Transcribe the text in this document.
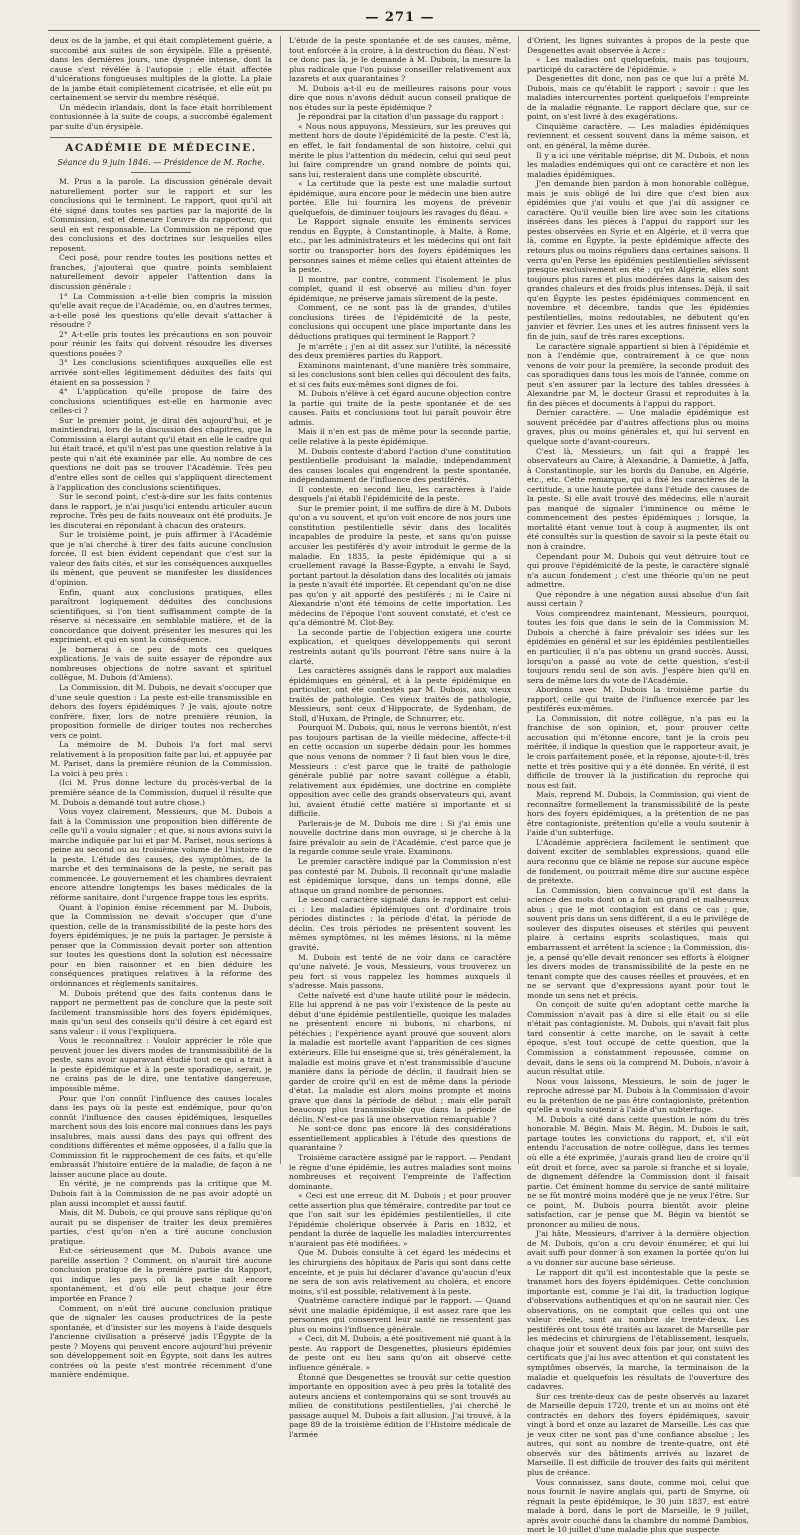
— 271 —

deux os de la jambe, et qui était complètement guérie, a succombé aux suites de son érysipèle. Elle a présenté, dans les dernières jours, une dyspnée intense, dont la cause s'est révélée à l'autopsie ; elle était affectée d'ulcérations fongueuses multiples de la glotte. La plaie de la jambe était complètement cicatrisée, et elle eût pu certainement se servir du membre réséqué.

Un médecin irlandais, dont la face était horriblement contusionnée à la suite de coups, a succombé également par suite d'un érysipèle.

ACADÉMIE DE MÉDECINE.
Séance du 9 juin 1846. — Présidence de M. Roche.

M. Prus a la parole. La discussion générale devait naturellement porter sur le rapport et sur les conclusions qui le terminent. Le rapport, quoi qu'il ait été signé dans toutes ses parties par la majorité de la Commission, est et demeure l'œuvre du rapporteur, qui seul en est responsable. La Commission ne répond que des conclusions et des doctrines sur lesquelles elles reposent.

Ceci posé, pour rendre toutes les positions nettes et franches, j'ajouterai que quatre points semblaient naturellement devoir appeler l'attention dans la discussion générale :

1° La Commission a-t-elle bien compris la mission qu'elle avait reçue de l'Académie, ou, en d'autres termes, a-t-elle posé les questions qu'elle devait s'attacher à résoudre ?

2° A-t-elle pris toutes les précautions en son pouvoir pour réunir les faits qui doivent résoudre les diverses questions posées ?

3° Les conclusions scientifiques auxquelles elle est arrivée sont-elles légitimement déduites des faits qui étaient en sa possession ?

4° L'application qu'elle propose de faire des conclusions scientifiques est-elle en harmonie avec celles-ci ?

Sur le premier point, je dirai dès aujourd'hui, et je maintiendrai, lors de la discussion des chapitres, que la Commission a élargi autant qu'il était en elle le cadre qui lui était tracé, et qu'il n'est pas une question relative à la peste qui n'ait été examinée par elle. Au nombre de ces questions ne doit pas se trouver l'Académie. Très peu d'entre elles sont de celles qui s'appliquent directement à l'application des conclusions scientifiques.

Sur le second point, c'est-à-dire sur les faits contenus dans le rapport, je n'ai jusqu'ici entendu articuler aucun reproche. Très peu de faits nouveaux ont été produits. Je les discuterai en répondant à chacun des orateurs.

Sur le troisième point, je puis affirmer à l'Académie que je n'ai cherché à tirer des faits aucune conclusion forcée. Il est bien évident cependant que c'est sur la valeur des faits cités, et sur les conséquences auxquelles ils mènent, que peuvent se manifester les dissidences d'opinion.

Enfin, quant aux conclusions pratiques, elles paraîtront logiquement déduites des conclusions scientifiques, si l'on tient suffisamment compte de la réserve si nécessaire en semblable matière, et de la concordance que doivent présenter les mesures qui les expriment, et qui en sont la conséquence.

Je bornerai à ce peu de mots ces quelques explications. Je vais de suite essayer de répondre aux nombreuses objections de notre savant et spirituel collègue, M. Dubois (d'Amiens).

La Commission, dit M. Dubois, ne devait s'occuper que d'une seule question : La peste est-elle transmissible en dehors des foyers épidémiques ? Je vais, ajoute notre confrère, fixer, lors de notre première réunion, la proposition formelle de diriger toutes nos recherches vers ce point.

La mémoire de M. Dubois l'a fort mal servi relativement à la proposition faite par lui, et appuyée par M. Pariset, dans la première réunion de la Commission. La voici à peu près :

(Ici M. Prus donne lecture du procès-verbal de la première séance de la Commission, duquel il résulte que M. Dubois a demandé tout autre chose.)

Vous voyez clairement, Messieurs, que M. Dubois a fait à la Commission une proposition bien différente de celle qu'il a voulu signaler ; et que, si nous avions suivi la marche indiquée par lui et par M. Pariset, nous serions à peine au second ou au troisième volume de l'histoire de la peste. L'étude des causes, des symptômes, de la marche et des terminaisons de la peste, ne serait pas commencée. Le gouvernement et les chambres devraient encore attendre longtemps les bases médicales de la réforme sanitaire, dont l'urgence frappe tous les esprits.

Quant à l'opinion émise récemment par M. Dubois, que la Commission ne devait s'occuper que d'une question, celle de la transmissibilité de la peste hors des foyers épidémiques, je ne puis la partager. Je persiste à penser que la Commission devait porter son attention sur toutes les questions dont la solution est nécessaire pour en bien raisonner et en bien déduire les conséquences pratiques relatives à la réforme des ordonnances et règlements sanitaires.

M. Dubois prétend que des faits contenus dans le rapport ne permettent pas de conclure que la peste soit facilement transmissible hors des foyers épidémiques, mais qu'un seul des conseils qu'il désire à cet égard est sans valeur : il vous l'expliquera.

Vous le reconnaîtrez : Vouloir apprécier le rôle que peuvent jouer les divers modes de transmissibilité de la peste, sans avoir auparavant étudié tout ce qui a trait à la peste épidémique et à la peste sporadique, serait, je ne crains pas de le dire, une tentative dangereuse, impossible même.

Pour que l'on connût l'influence des causes locales dans les pays où la peste est endémique, pour qu'on connût l'influence des causes épidémiques, lesquelles marchent sous des lois encore mal connues dans les pays insalubres, mais aussi dans des pays qui offrent des conditions différentes et même opposées, il a fallu que la Commission fit le rapprochement de ces faits, et qu'elle embrassât l'histoire entière de la maladie, de façon à ne laisser aucune place au doute.

En vérité, je ne comprends pas la critique que M. Dubois fait à la Commission de ne pas avoir adopté un plan aussi incomplet et aussi fautif.

Mais, dit M. Dubois, ce qui prouve sans réplique qu'on aurait pu se dispenser de traiter les deux premières parties, c'est qu'on n'en a tiré aucune conclusion pratique.

Est-ce sérieusement que M. Dubois avance une pareille assertion ? Comment, on n'aurait tiré aucune conclusion pratique de la première partie du Rapport, qui indique les pays où la peste naît encore spontanément, et d'où elle peut chaque jour être importée en France ?

Comment, on n'eût tiré aucune conclusion pratique que de signaler les causes productrices de la peste spontanée, et d'insister sur les moyens à l'aide desquels l'ancienne civilisation a préservé jadis l'Égypte de la peste ? Moyens qui peuvent encore aujourd'hui prévenir son développement soit en Égypte, soit dans les autres contrées où la peste s'est montrée récemment d'une manière endémique.

L'étude de la peste spontanée et de ses causes, même, tout enforcée à la croire, à la destruction du fléau. N'est-ce donc pas là, je le demande à M. Dubois, la mesure la plus radicale que l'on puisse conseiller relativement aux lazarets et aux quarantaines ?

M. Dubois a-t-il eu de meilleures raisons pour vous dire que nous n'avons déduit aucun conseil pratique de nos études sur la peste épidémique ?

Je répondrai par la citation d'un passage du rapport :

« Nous nous appuyons, Messieurs, sur les preuves qui mettent hors de doute l'épidémicité de la peste. C'est là, en effet, le fait fondamental de son histoire, celui qui mérite le plus l'attention du médecin, celui qui seul peut lui faire comprendre un grand nombre de points qui, sans lui, resteraient dans une complète obscurité.

« La certitude que la peste est une maladie surtout épidémique, aura encore pour le médecin une bien autre portée. Elle lui fournira les moyens de prévenir quelquefois, de diminuer toujours les ravages du fléau. »

Le Rapport signale ensuite les éminents services rendus en Égypte, à Constantinople, à Malte, à Rome, etc., par les administrateurs et les médecins qui ont fait sortir ou transporter hors des foyers épidémiques les personnes saines et même celles qui étaient atteintes de la peste.

Il montre, par contre, comment l'isolement le plus complet, quand il est observé au milieu d'un foyer épidémique, ne préserve jamais sûrement de la peste.

Comment, ce ne sont pas là de grandes, d'utiles conclusions tirées de l'épidémicité de la peste, conclusions qui occupent une place importante dans les déductions pratiques qui terminent le Rapport ?

Je m'arrête ; j'en ai dit assez sur l'utilité, la nécessité des deux premières parties du Rapport.

Examinons maintenant, d'une manière très sommaire, si les conclusions sont bien celles qui découlent des faits, et si ces faits eux-mêmes sont dignes de foi.

M. Dubois n'élève à cet égard aucune objection contre la partie qui traite de la peste spontanée et de ses causes. Faits et conclusions tout lui paraît pouvoir être admis.

Mais il n'en est pas de même pour la seconde partie, celle relative à la peste épidémique.

M. Dubois conteste d'abord l'action d'une constitution pestilentielle produisant la maladie, indépendamment des causes locales qui engendrent la peste spontanée, indépendamment de l'influence des pestiférés.

Il conteste, en second lieu, les caractères à l'aide desquels j'ai établi l'épidémicité de la peste.

Sur le premier point, il me suffira de dire à M. Dubois qu'on a vu souvent, et qu'on voit encore de nos jours une constitution pestilentielle sévir dans des localités incapables de produire la peste, et sans qu'on puisse accuser les pestiférés d'y avoir introduit le germe de la maladie. En 1835, la peste épidémique qui a si cruellement ravagé la Basse-Égypte, a envahi le Sayd, portant partout la désolation dans des localités où jamais la peste n'avait été importée. Et cependant qu'on ne dise pas qu'on y ait apporté des pestiférés ; ni le Caire ni Alexandrie n'ont été témoins de cette importation. Les médecins de l'époque l'ont souvent constaté, et c'est ce qu'a démontré M. Clot-Bey.

La seconde partie de l'objection exigera une courte explication, et quelques développements qui seront restreints autant qu'ils pourront l'être sans nuire à la clarté.

Les caractères assignés dans le rapport aux maladies épidémiques en général, et à la peste épidémique en particulier, ont été contestés par M. Dubois, aux vieux traités de pathologie. Ces vieux traités de pathologie, Messieurs, sont ceux d'Hippocrate, de Sydenham, de Stoll, d'Huxam, de Pringle, de Schnurrer, etc.

Pourquoi M. Dubois, qui, nous le verrons bientôt, n'est pas toujours partisan de la vieille médecine, affecte-t-il en cette occasion un superbe dédain pour les hommes que nous venons de nommer ? Il faut bien vous le dire, Messieurs : c'est parce que le traité de pathologie générale publié par notre savant collègue a établi, relativement aux épidémies, une doctrine en complète opposition avec celle des grands observateurs qui, avant lui, avaient étudié cette matière si importante et si difficile.

Parlerais-je de M. Dubois me dire : Si j'ai émis une nouvelle doctrine dans mon ouvrage, si je cherche à la faire prévaloir au sein de l'Académie, c'est parce que je la regarde comme seule vraie. Examinons.

Le premier caractère indiqué par la Commission n'est pas contesté par M. Dubois. Il reconnaît qu'une maladie est épidémique lorsque, dans un temps donné, elle attaque un grand nombre de personnes.

Le second caractère signalé dans le rapport est celui-ci : Les maladies épidémiques ont d'ordinaire trois périodes distinctes : la période d'état, la période de déclin. Ces trois périodes ne présentent souvent les mêmes symptômes, ni les mêmes lésions, ni la même gravité.

M. Dubois est tenté de ne voir dans ce caractère qu'une naïveté. Je vous, Messieurs, vous trouverez un peu fort si vous rappelez les hommes auxquels il s'adresse. Mais passons.

Cette naïveté est d'une haute utilité pour le médecin. Elle lui apprend à ne pas voir l'existence de la peste au début d'une épidémie pestilentielle, quoique les malades ne présentent encore ni bubons, ni charbons, ni pétéchies ; l'expérience ayant prouvé que souvent alors la maladie est mortelle avant l'apparition de ces signes extérieurs. Elle lui enseigne que si, très généralement, la maladie est moins grave et n'est transmissible d'aucune manière dans la période de déclin, il faudrait bien se garder de croire qu'il en est de même dans la période d'état. La maladie est alors moins prompte et moins grave que dans la période de début ; mais elle paraît beaucoup plus transmissible que dans la période de déclin. N'est-ce pas là une observation remarquable ?

Ne sont-ce donc pas encore là des considérations essentiellement applicables à l'étude des questions de quarantaine ?

Troisième caractère assigné par le rapport. — Pendant le règne d'une épidémie, les autres maladies sont moins nombreuses et reçoivent l'empreinte de l'affection dominante.

« Ceci est une erreur, dit M. Dubois ; et pour prouver cette assertion plus que téméraire, contredite par tout ce que l'on sait sur les épidémies pestilentielles, il cite l'épidémie cholérique observée à Paris en 1832, et pendant la durée de laquelle les maladies intercurrentes n'auraient pas été modifiées. »

Que M. Dubois consulte à cet égard les médecins et les chirurgiens des hôpitaux de Paris qui sont dans cette enceinte, et je puis lui déclarer d'avance qu'aucun d'eux ne sera de son avis relativement au choléra, et encore moins, s'il est possible, relativement à la peste.

Quatrième caractère indiqué par le rapport. — Quand sévit une maladie épidémique, il est assez rare que les personnes qui conservent leur santé ne ressentent pas plus ou moins l'influence générale.

« Ceci, dit M. Dubois, a été positivement nié quant à la peste. Au rapport de Desgenettes, plusieurs épidémies de peste ont eu lieu sans qu'on ait observé cette influence générale. »

Étonné que Desgenettes se trouvât sur cette question importante en opposition avec à peu près la totalité des auteurs anciens et contemporains qui se sont trouvés au milieu de constitutions pestilentielles, j'ai cherché le passage auquel M. Dubois a fait allusion. J'ai trouvé, à la page 89 de la troisième édition de l'Histoire médicale de l'armée

d'Orient, les lignes suivantes à propos de la peste que Desgenettes avait observée à Acre :

« Les maladies ont quelquefois, mais pas toujours, participé du caractère de l'épidémie. »

Desgenettes dit donc, non pas ce que lui a prêté M. Dubois, mais ce qu'établit le rapport ; savoir : que les maladies intercurrentes portent quelquefois l'empreinte de la maladie régnante. Le rapport déclare que, sur ce point, on s'est livré à des exagérations.

Cinquième caractère. — Les maladies épidémiques reviennent et cessent souvent dans la même saison, et ont, en général, la même durée.

Il y a ici une véritable méprise, dit M. Dubois, et nous les maladies endémiques qui ont ce caractère et non les maladies épidémiques.

J'en demande bien pardon à mon honorable collègue, mais je suis obligé de lui dire que c'est bien aux épidémies que j'ai voulu et que j'ai dû assigner ce caractère. Qu'il veuille bien lire avec soin les citations insérées dans les pièces à l'appui du rapport sur les pestes observées en Syrie et en Algérie, et il verra que là, comme en Égypte, la peste épidémique affecte des retours plus ou moins réguliers dans certaines saisons. Il verra qu'en Perse les épidémies pestilentielles sévissent presque exclusivement en été ; qu'en Algérie, elles sont toujours plus rares et plus modérées dans la saison des grandes chaleurs et des froids plus intenses. Déjà, il sait qu'en Égypte les pestes épidémiques commencent en novembre et décembre, tandis que les épidémies pestilentielles, moins redoutables, ne débutent qu'en janvier et février. Les unes et les autres finissent vers la fin de juin, sauf de très rares exceptions.

Le caractère signalé appartient si bien à l'épidémie et non à l'endémie que, contrairement à ce que nous venons de voir pour la première, la seconde produit des cas sporadiques dans tous les mois de l'année, comme on peut s'en assurer par la lecture des tables dressées à Alexandrie par M. le docteur Grassi et reproduites à la fin des pièces et documents à l'appui du rapport.

Dernier caractère. — Une maladie épidémique est souvent précédée par d'autres affections plus ou moins graves, plus ou moins générales et, qui lui servent en quelque sorte d'avant-coureurs.

C'est là, Messieurs, un fait qui a frappé les observateurs au Caire, à Alexandrie, à Damiette, à Jaffa, à Constantinople, sur les bords du Danube, en Algérie, etc., etc. Cette remarque, qui a fixé les caractères de la certitude, a une haute portée dans l'étude des causes de la peste. Si elle avait trouvé des médecins, elle n'aurait pas manqué de signaler l'imminence ou même le commencement des pestes épidémiques ; lorsque, la mortalité étant venue tout à coup à augmenter, ils ont été consultés sur la question de savoir si la peste était ou non à craindre.

Cependant pour M. Dubois qui veut détruire tout ce qui prouve l'épidémicité de la peste, le caractère signalé n'a aucun fondement ; c'est une théorie qu'on ne peut admettre.

Que répondre à une négation aussi absolue d'un fait aussi certain ?

Vous comprendrez maintenant, Messieurs, pourquoi, toutes les fois que dans le sein de la Commission M. Dubois a cherché à faire prévaloir ses idées sur les épidémies en général et sur les épidémies pestilentielles en particulier, il n'a pas obtenu un grand succès. Aussi, lorsqu'on a passé au vote de cette question, s'est-il toujours rendu seul de son avis. J'espère bien qu'il en sera de même lors du vote de l'Académie.

Abordons avec M. Dubois la troisième partie du rapport, celle qui traite de l'influence exercée par les pestiférés eux-mêmes.

La Commission, dit notre collègue, n'a pas eu la franchise de son opinion, et, pour prouver cette accusation qui m'étonne encore, tant je la crois peu méritée, il indique la question que le rapporteur avait, je le crois parfaitement posée, et la réponse, ajoute-t-il, très nette et très positive qui y a été donnée. En vérité, il est difficile de trouver là la justification du reproche qui nous est fait.

Mais, reprend M. Dubois, la Commission, qui vient de reconnaître formellement la transmissibilité de la peste hors des foyers épidémiques, a la prétention de ne pas être contagioniste, prétention qu'elle a voulu soutenir à l'aide d'un subterfuge.

L'Académie appréciera facilement le sentiment que doivent exciter de semblables expressions, quand elle aura reconnu que ce blâme ne repose sur aucune espèce de fondement, ou pourrait même dire sur aucune espèce de prétexte.

La Commission, bien convaincue qu'il est dans la science des mots dont on a fait un grand et malheureux abus ; que le mot contagion est dans ce cas ; que, souvent pris dans un sens différent, il a eu le privilège de soulever des disputes oiseuses et stériles qui peuvent plaire à certains esprits scolastiques, mais qui embarrassent et arrêtent la science ; la Commission, dis-je, a pensé qu'elle devait renoncer ses efforts à éloigner les divers modes de transmissibilité de la peste en ne tenant compte que des causes réelles et prouvées, et en ne se servant que d'expressions ayant pour tout le monde un sens net et précis.

On conçoit de suite qu'en adoptant cette marche la Commission n'avait pas à dire si elle était ou si elle n'était pas contagioniste. M. Dubois, qui n'avait fait plus tard consentir à cette marche, on le savait à cette époque, s'est tout occupé de cette question, que la Commission a constamment repoussée, comme on devait, dans le sens où la comprend M. Dubois, n'avoir à aucun résultat utile.

Nous vous laissons, Messieurs, le soin de juger le reproche adressé par M. Dubois à la Commission d'avoir eu la prétention de ne pas être contagioniste, prétention qu'elle a voulu soutenir à l'aide d'un subterfuge.

M. Dubois a cité dans cette question le nom du très honorable M. Bégin. Mais M. Bégin, M. Dubois le sait, partage toutes les convictions du rapport, et, s'il eût entendu l'accusation de notre collègue, dans les termes où elle a été exprimée, j'aurais grand lieu de croire qu'il eût droit et force, avec sa parole si franche et si loyale, de dignement défendre la Commission dont il faisait partie. Cet éminent homme du service de santé militaire ne se fût montré moins modéré que je ne veux l'être. Sur ce point, M. Dubois pourra bientôt avoir pleine satisfaction, car je pense que M. Bégin va bientôt se prononcer au milieu de nous.

J'ai hâte, Messieurs, d'arriver à la dernière objection de M. Dubois, qu'on a cru devoir énumérer, et qui lui avait suffi pour donner à son examen la portée qu'on lui a vu donner sur aucune base sérieuse.

Le rapport dit qu'il est incontestable que la peste se transmet hors des foyers épidémiques. Cette conclusion importante est, comme je l'ai dit, la traduction logique d'observations authentiques et qu'on ne saurait nier. Ces observations, on ne comptait que celles qui ont une valeur réelle, sont au nombre de trente-deux. Les pestiférés ont tous été traités au lazaret de Marseille par les médecins et chirurgiens de l'établissement, lesquels, chaque jour et souvent deux fois par jour, ont suivi des certificats que j'ai lus avec attention et qui constatent les symptômes observés, la marche, la terminaison de la maladie et quelquefois les résultats de l'ouverture des cadavres.

Sur ces trente-deux cas de peste observés au lazaret de Marseille depuis 1720, trente et un au moins ont été contractés en dehors des foyers épidémiques, savoir vingt à bord et onze au lazaret de Marseille. Les cas que je veux citer ne sont pas d'une confiance absolue ; les autres, qui sont au nombre de trente-quatre, ont été observés sur des bâtiments arrivés au lazaret de Marseille. Il est difficile de trouver des faits qui méritent plus de créance.

Vous connaissez, sans doute, comme moi, celui que nous fournit le navire anglais qui, parti de Smyrne, où régnait la peste épidémique, le 30 juin 1837, est entré malade à bord, dans le port de Marseille, le 9 juillet, après avoir couché dans la chambre du nommé Dambios, mort le 10 juillet d'une maladie plus que suspecte
